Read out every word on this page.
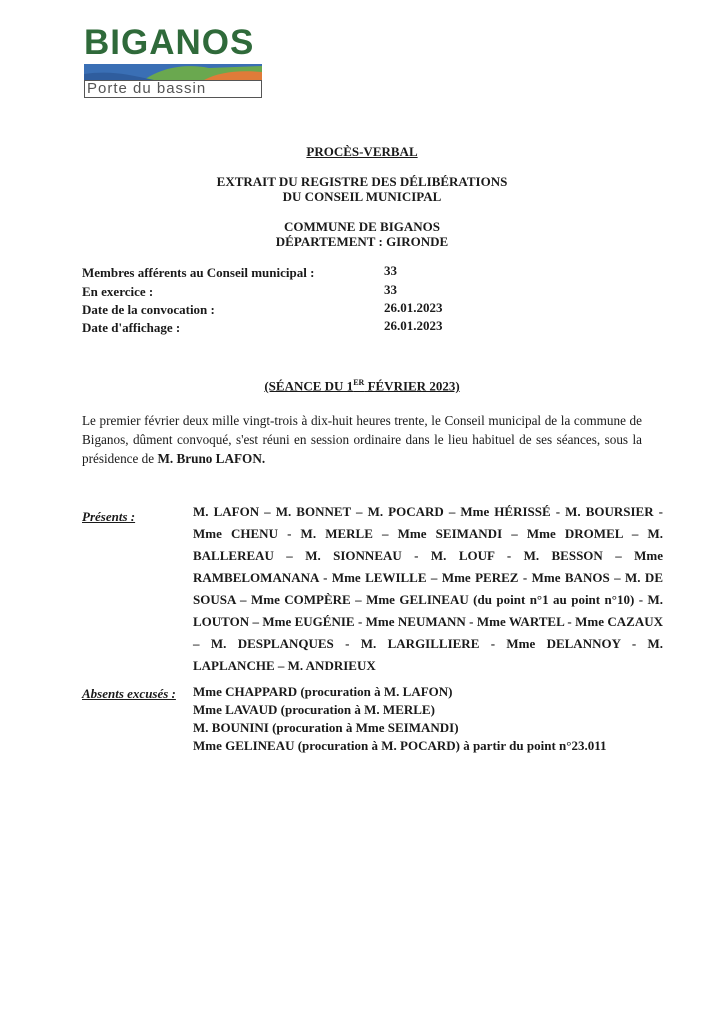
BIGANOS
Porte du bassin
PROCÈS-VERBAL
EXTRAIT DU REGISTRE DES DÉLIBÉRATIONS
DU CONSEIL MUNICIPAL
COMMUNE DE BIGANOS
DÉPARTEMENT : GIRONDE
Membres afférents au Conseil municipal :	33
En exercice :	33
Date de la convocation :	26.01.2023
Date d'affichage :	26.01.2023
(SÉANCE DU 1ER FÉVRIER 2023)
Le premier février deux mille vingt-trois à dix-huit heures trente, le Conseil municipal de la commune de Biganos, dûment convoqué, s'est réuni en session ordinaire dans le lieu habituel de ses séances, sous la présidence de M. Bruno LAFON.
Présents :	M. LAFON – M. BONNET – M. POCARD – Mme HÉRISSÉ - M. BOURSIER - Mme CHENU - M. MERLE – Mme SEIMANDI – Mme DROMEL – M. BALLEREAU – M. SIONNEAU - M. LOUF - M. BESSON – Mme RAMBELOMANANA - Mme LEWILLE – Mme PEREZ - Mme BANOS – M. DE SOUSA – Mme COMPÈRE – Mme GELINEAU (du point n°1 au point n°10) - M. LOUTON – Mme EUGÉNIE - Mme NEUMANN - Mme WARTEL - Mme CAZAUX – M. DESPLANQUES - M. LARGILLIERE - Mme DELANNOY - M. LAPLANCHE – M. ANDRIEUX
Absents excusés : Mme CHAPPARD (procuration à M. LAFON)
Mme LAVAUD (procuration à M. MERLE)
M. BOUNINI (procuration à Mme SEIMANDI)
Mme GELINEAU (procuration à M. POCARD) à partir du point n°23.011
